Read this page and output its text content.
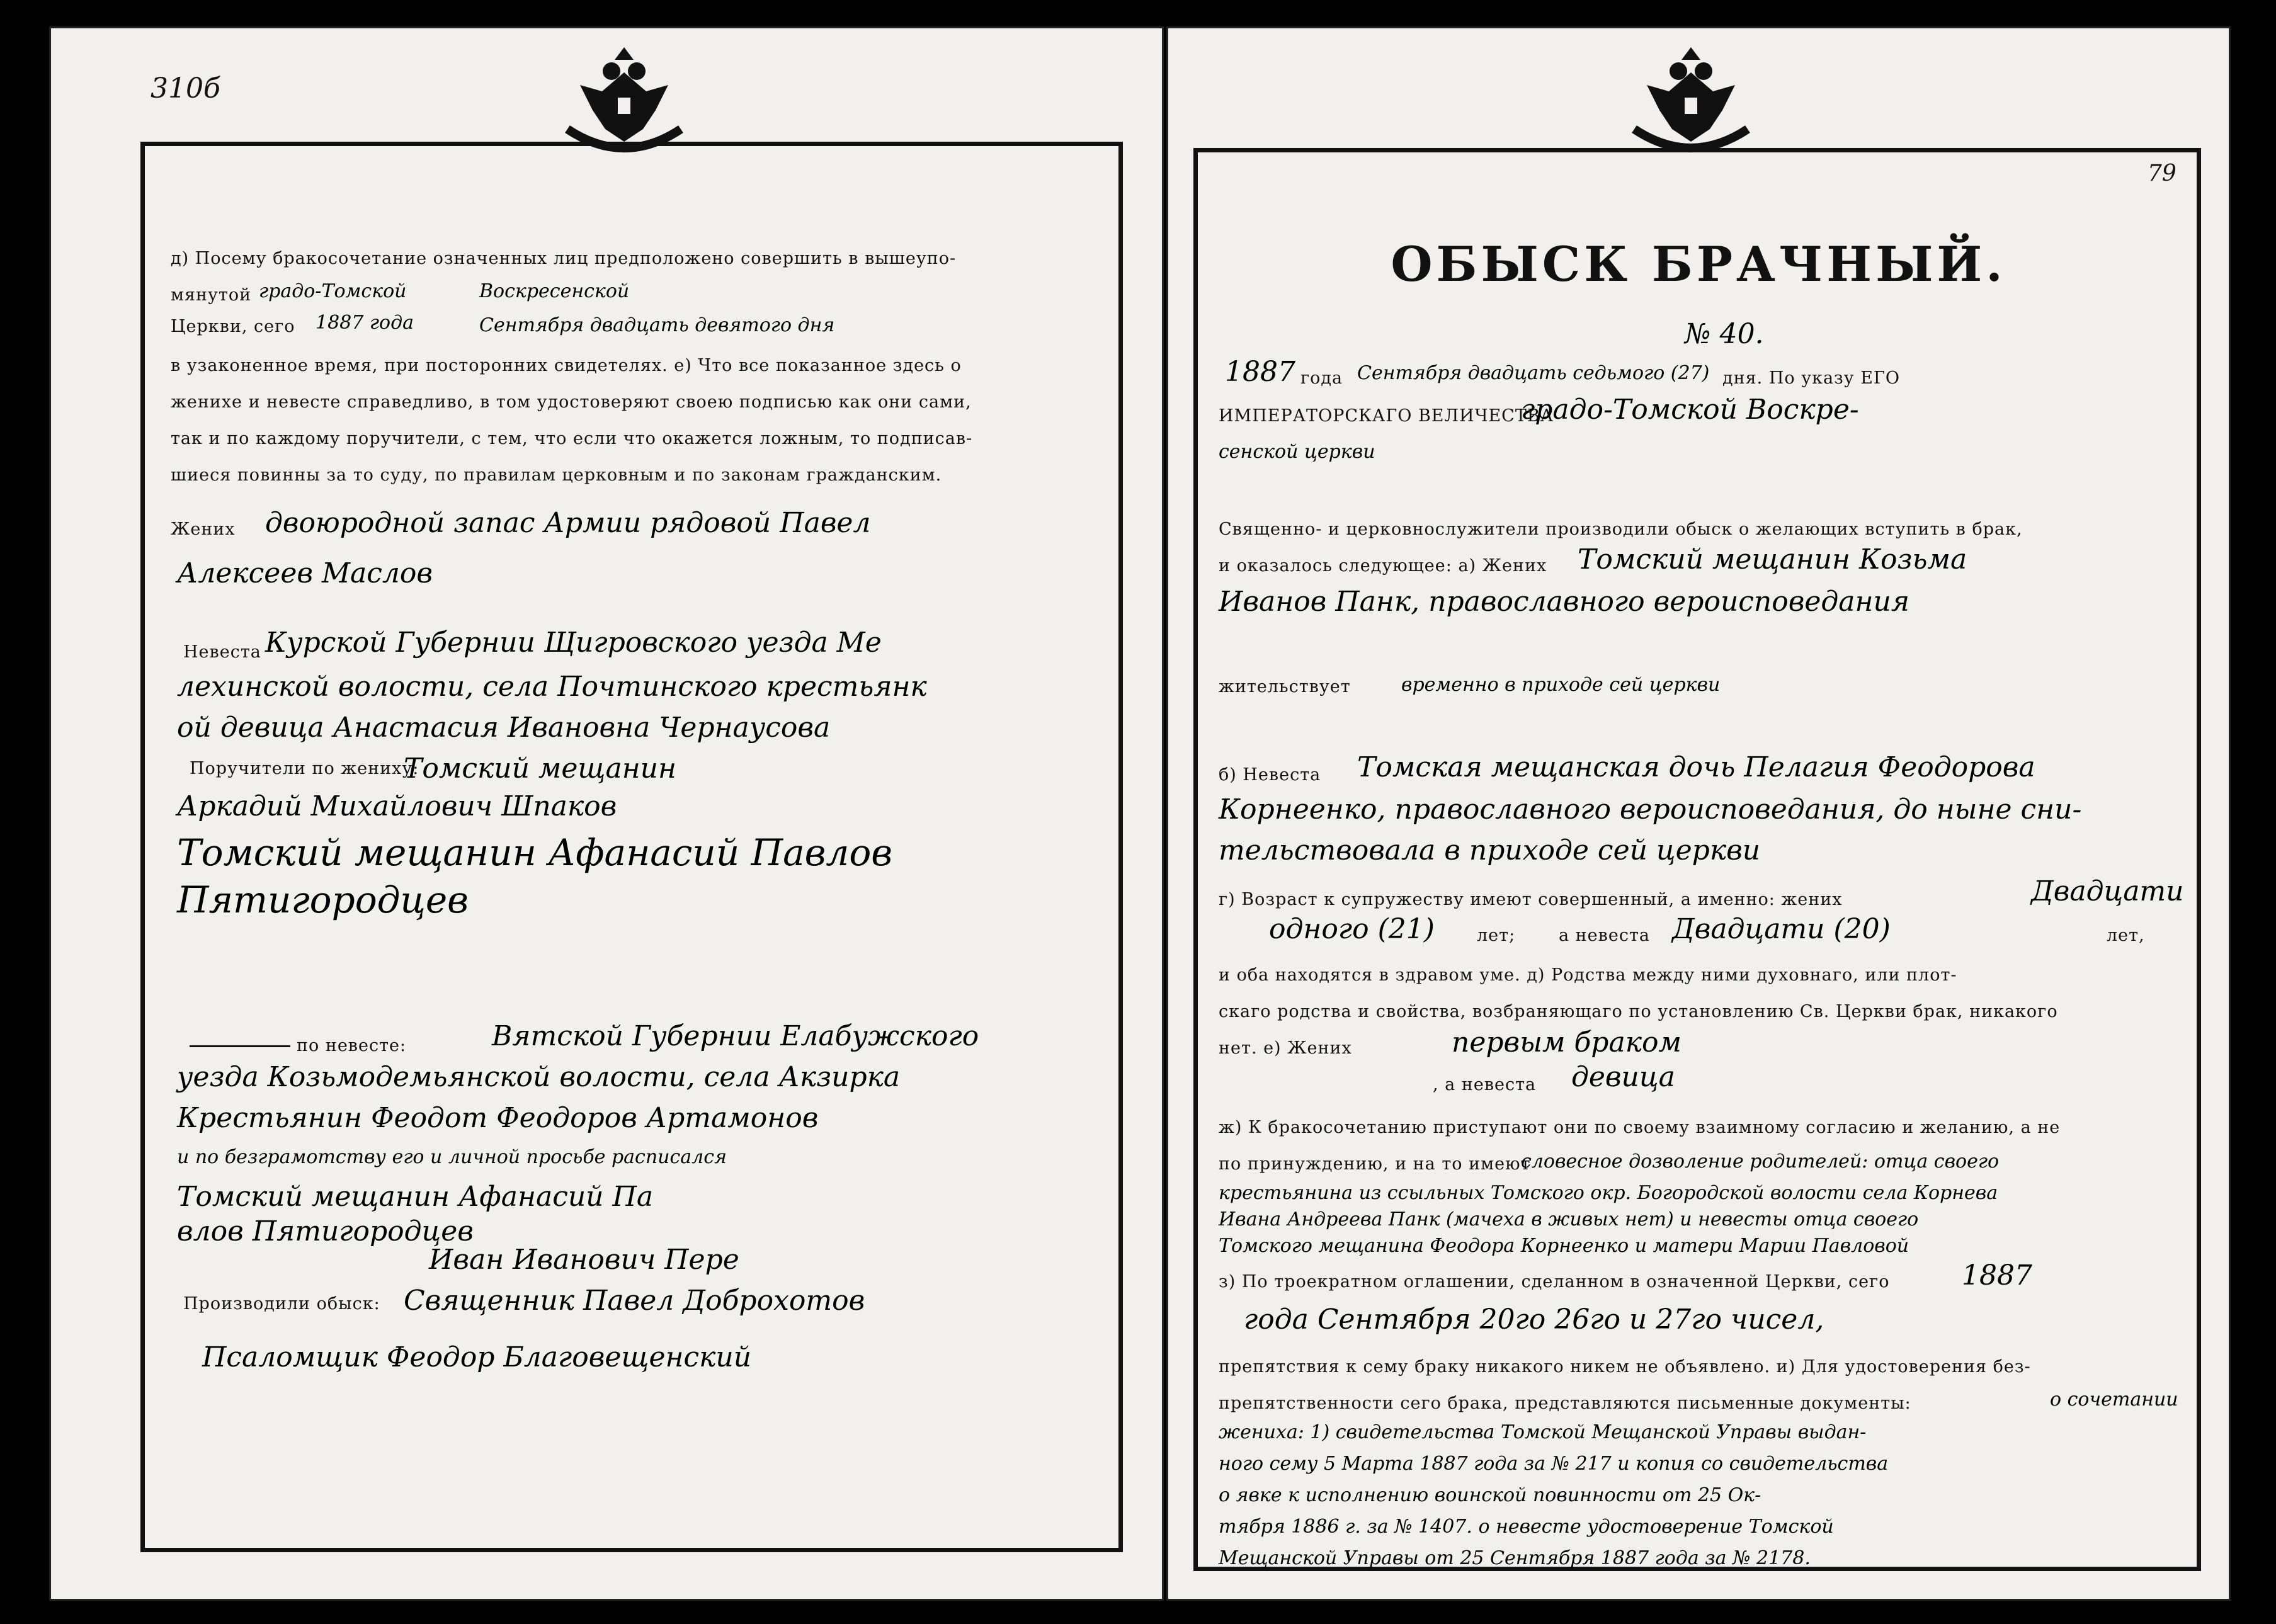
310б
д) Посему бракосочетание означенных лиц предположено совершить в вышеупо-
мянутой градо-Томской	Воскресенской
Церкви, сего 1887 года	Сентября двадцать девятого дня
в узаконенное время, при посторонних свидетелях. е) Что все показанное здесь о
женихе и невесте справедливо, в том удостоверяют своею подписью как они сами,
так и по каждому поручители, с тем, что если что окажется ложным, то подписав-
шиеся повинны за то суду, по правилам церковным и по законам гражданским.
Жених двоюродной запас Армии рядовой Павел
Алексеев Маслов
Невеста Курской Губернии Щигровского уезда Ме
лехинской волости, села Почтинского крестьянк
ой девица Анастасия Ивановна Чернаусова
Поручители по жениху:
Томский мещанин
Аркадий Михайлович Шпаков
Томский мещанин Афанасий Павлов
Пятигородцев
по невесте:	Вятской Губернии Елабужского
уезда Козьмодемьянской волости, села Акзирка
Крестьянин Феодот Феодоров Артамонов
и по безграмотству его и личной просьбе расписался
Томский мещанин Афанасий Па
влов Пятигородцев
Иван Иванович Пере
Производили обыск: Священник Павел Доброхотов
Псаломщик Феодор Благовещенский
79
ОБЫСК БРАЧНЫЙ.
№ 40.
1887 года Сентября двадцать седьмого (27) дня. По указу ЕГО
ИМПЕРАТОРСКАГО ВЕЛИЧЕСТВА
градо-Томской Воскре-
сенской церкви
Священно- и церковнослужители производили обыск о желающих вступить в брак,
и оказалось следующее: а) Жених Томский мещанин Козьма
Иванов Панк, православного вероисповедания
жительствует	временно в приходе сей церкви
б) Невеста Томская мещанская дочь Пелагия Феодорова
Корнеенко, православного вероисповедания, до ныне сни-
тельствовала в приходе сей церкви
г) Возраст к супружеству имеют совершенный, а именно: жених	Двадцати
одного (21) лет;	а невеста Двадцати (20)	лет,
и оба находятся в здравом уме. д) Родства между ними духовнаго, или плот-
скаго родства и свойства, возбраняющаго по установлению Св. Церкви брак, никакого
нет. е) Жених	первым браком
, а невеста девица
ж) К бракосочетанию приступают они по своему взаимному согласию и желанию, а не
по принуждению, и на то имеют
словесное дозволение родителей: отца своего
крестьянина из ссыльных Томского окр. Богородской волости села Корнева
Ивана Андреева Панк (мачеха в живых нет) и невесты отца своего
Томского мещанина Феодора Корнеенко и матери Марии Павловой
з) По троекратном оглашении, сделанном в означенной Церкви, сего	1887
года Сентября 20го 26го и 27го чисел,
препятствия к сему браку никакого никем не объявлено. и) Для удостоверения без-
препятственности сего брака, представляются письменные документы:	о сочетании
жениха: 1) свидетельства Томской Мещанской Управы выдан-
ного сему 5 Марта 1887 года за № 217 и копия со свидетельства
о явке к исполнению воинской повинности от 25 Ок-
тября 1886 г. за № 1407. о невесте удостоверение Томской
Мещанской Управы от 25 Сентября 1887 года за № 2178.
